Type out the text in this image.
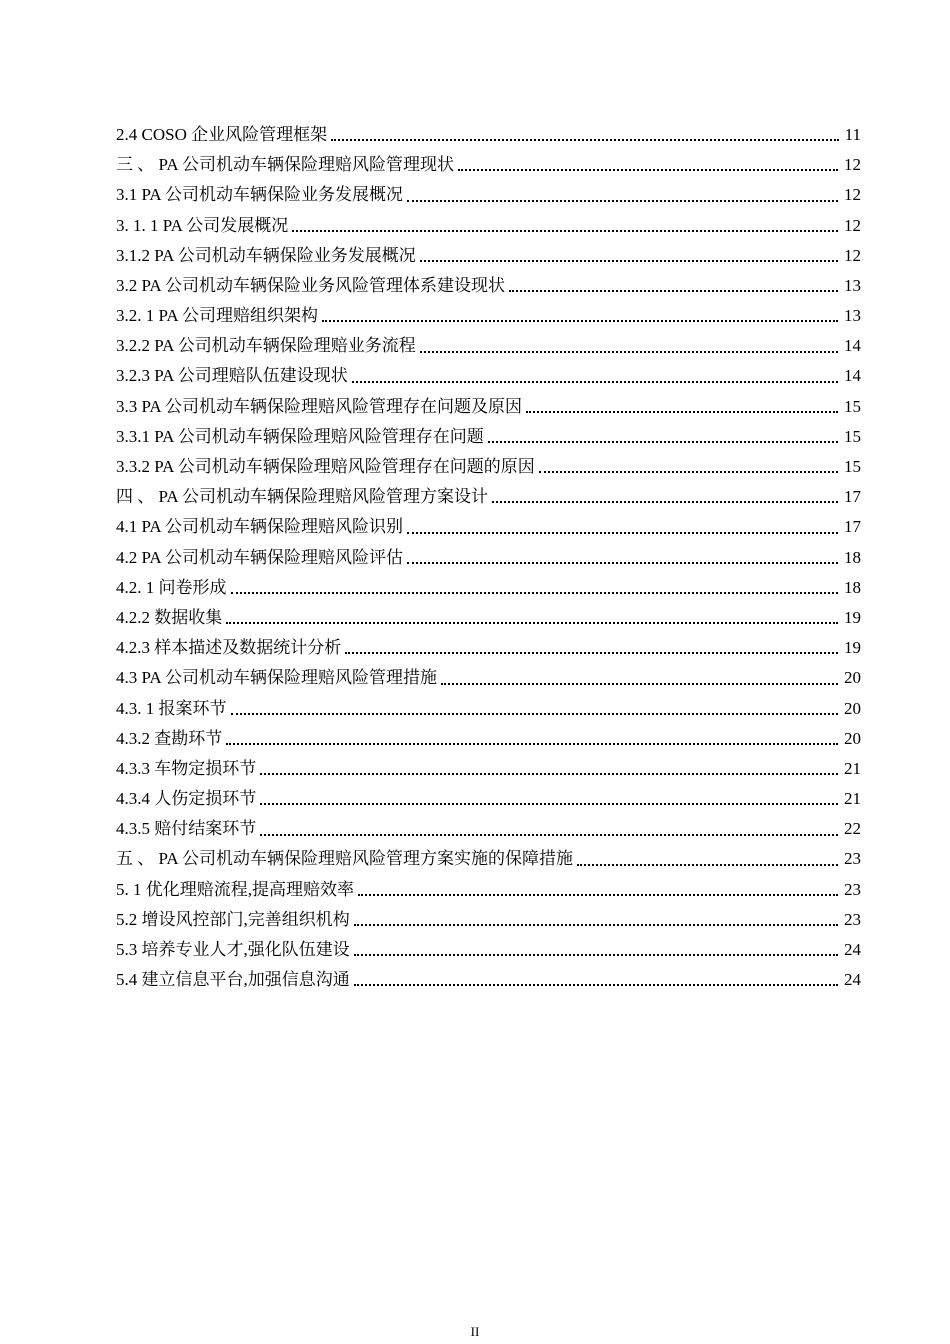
2.4 COSO 企业风险管理框架	11
三 、 PA 公司机动车辆保险理赔风险管理现状	12
3.1 PA 公司机动车辆保险业务发展概况	12
3. 1. 1 PA 公司发展概况	12
3.1.2 PA 公司机动车辆保险业务发展概况	12
3.2 PA 公司机动车辆保险业务风险管理体系建设现状	13
3.2. 1 PA 公司理赔组织架构	13
3.2.2 PA 公司机动车辆保险理赔业务流程	14
3.2.3 PA 公司理赔队伍建设现状	14
3.3 PA 公司机动车辆保险理赔风险管理存在问题及原因	15
3.3.1 PA 公司机动车辆保险理赔风险管理存在问题	15
3.3.2 PA 公司机动车辆保险理赔风险管理存在问题的原因	15
四 、 PA 公司机动车辆保险理赔风险管理方案设计	17
4.1 PA 公司机动车辆保险理赔风险识别	17
4.2 PA 公司机动车辆保险理赔风险评估	18
4.2. 1 问卷形成	18
4.2.2 数据收集	19
4.2.3 样本描述及数据统计分析	19
4.3 PA 公司机动车辆保险理赔风险管理措施	20
4.3. 1 报案环节	20
4.3.2 查勘环节	20
4.3.3 车物定损环节	21
4.3.4 人伤定损环节	21
4.3.5 赔付结案环节	22
五 、 PA 公司机动车辆保险理赔风险管理方案实施的保障措施	23
5. 1 优化理赔流程,提高理赔效率	23
5.2 增设风控部门,完善组织机构	23
5.3 培养专业人才,强化队伍建设	24
5.4 建立信息平台,加强信息沟通	24
II
